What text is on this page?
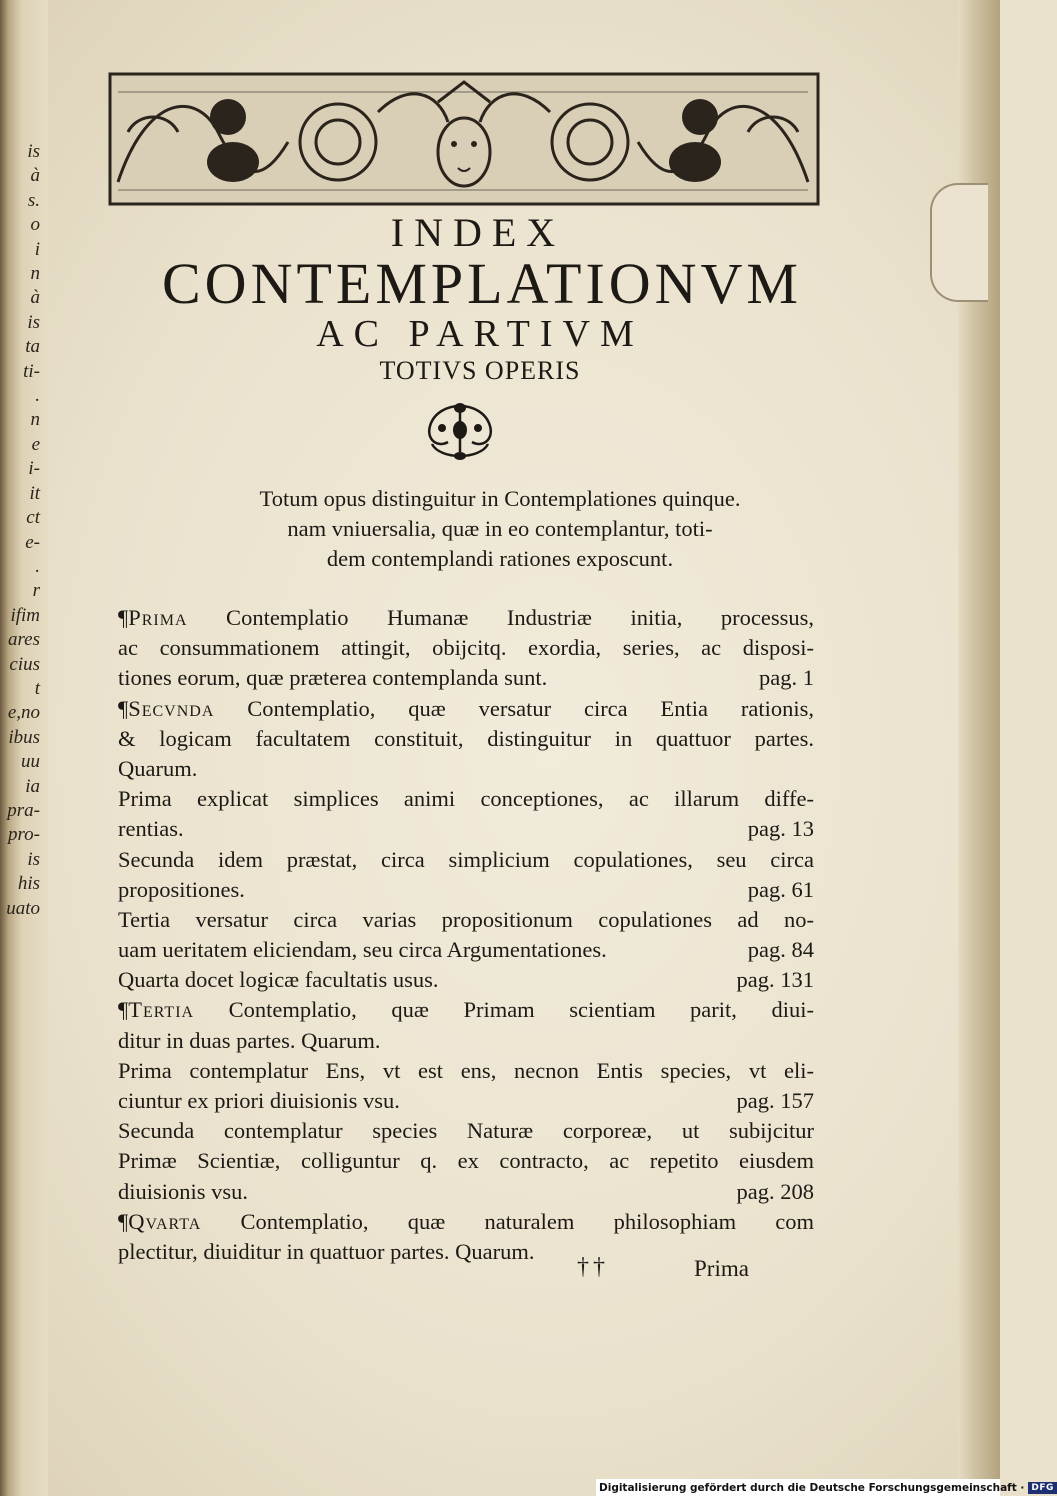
is
à
s.
o
i
n
à
is
ta
ti-
.
n
e
i-
it
ct
e-
.
r
ifim
ares
cius
t
e,no
ibus
uu
ia
pra-
pro-
is
his
uato
INDEX
CONTEMPLATIONVM
AC PARTIVM
TOTIVS OPERIS
Totum opus distinguitur in Contemplationes quinque.
nam vniuersalia, quæ in eo contemplantur, toti-
dem contemplandi rationes exposcunt.
¶Prima Contemplatio Humanæ Industriæ initia, processus,
ac consummationem attingit, obijcitq. exordia, series, ac disposi-
tiones eorum, quæ præterea contemplanda sunt.	pag. 1
¶Secvnda Contemplatio, quæ versatur circa Entia rationis,
& logicam facultatem constituit, distinguitur in quattuor partes.
Quarum.
Prima explicat simplices animi conceptiones, ac illarum diffe-
rentias.	pag. 13
Secunda idem præstat, circa simplicium copulationes, seu circa
propositiones.	pag. 61
Tertia versatur circa varias propositionum copulationes ad no-
uam ueritatem eliciendam, seu circa Argumentationes.	pag. 84
Quarta docet logicæ facultatis usus.	pag. 131
¶Tertia Contemplatio, quæ Primam scientiam parit, diui-
ditur in duas partes. Quarum.
Prima contemplatur Ens, vt est ens, necnon Entis species, vt eli-
ciuntur ex priori diuisionis vsu.	pag. 157
Secunda contemplatur species Naturæ corporeæ, ut subijcitur
Primæ Scientiæ, colliguntur q. ex contracto, ac repetito eiusdem
diuisionis vsu.	pag. 208
¶Qvarta Contemplatio, quæ naturalem philosophiam com
plectitur, diuiditur in quattuor partes. Quarum.
††	Prima
Digitalisierung gefördert durch die Deutsche Forschungsgemeinschaft · DFG
